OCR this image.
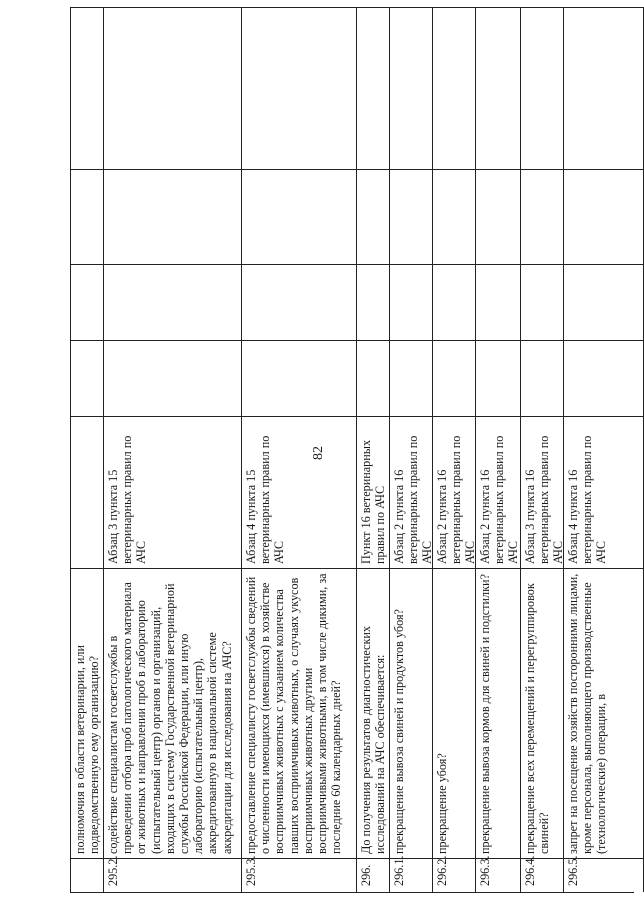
82
полномочия в области ветеринарии, или подведомственную ему организацию?
295.2.
содействие специалистам госветслужбы в проведении отбора проб патологического материала от животных и направлении проб в лабораторию (испытательный центр) органов и организаций, входящих в систему Государственной ветеринарной службы Российской Федерации, или иную лабораторию (испытательный центр), аккредитованную в национальной системе аккредитации для исследования на АЧС?
Абзац 3 пункта 15 ветеринарных правил по АЧС
295.3.
предоставление специалисту госветслужбы сведений о численности имеющихся (имевшихся) в хозяйстве восприимчивых животных с указанием количества павших восприимчивых животных, о случаях укусов восприимчивых животных другими восприимчивыми животными, в том числе дикими, за последние 60 календарных дней?
Абзац 4 пункта 15 ветеринарных правил по АЧС
296.
До получения результатов диагностических исследований на АЧС обеспечивается:
Пункт 16 ветеринарных правил по АЧС
296.1.
прекращение вывоза свиней и продуктов убоя?
Абзац 2 пункта 16 ветеринарных правил по АЧС
296.2.
прекращение убоя?
Абзац 2 пункта 16 ветеринарных правил по АЧС
296.3.
прекращение вывоза кормов для свиней и подстилки?
Абзац 2 пункта 16 ветеринарных правил по АЧС
296.4.
прекращение всех перемещений и перегруппировок свиней?
Абзац 3 пункта 16 ветеринарных правил по АЧС
296.5.
запрет на посещение хозяйств посторонними лицами, кроме персонала, выполняющего производственные (технологические) операции, в
Абзац 4 пункта 16 ветеринарных правил по АЧС
